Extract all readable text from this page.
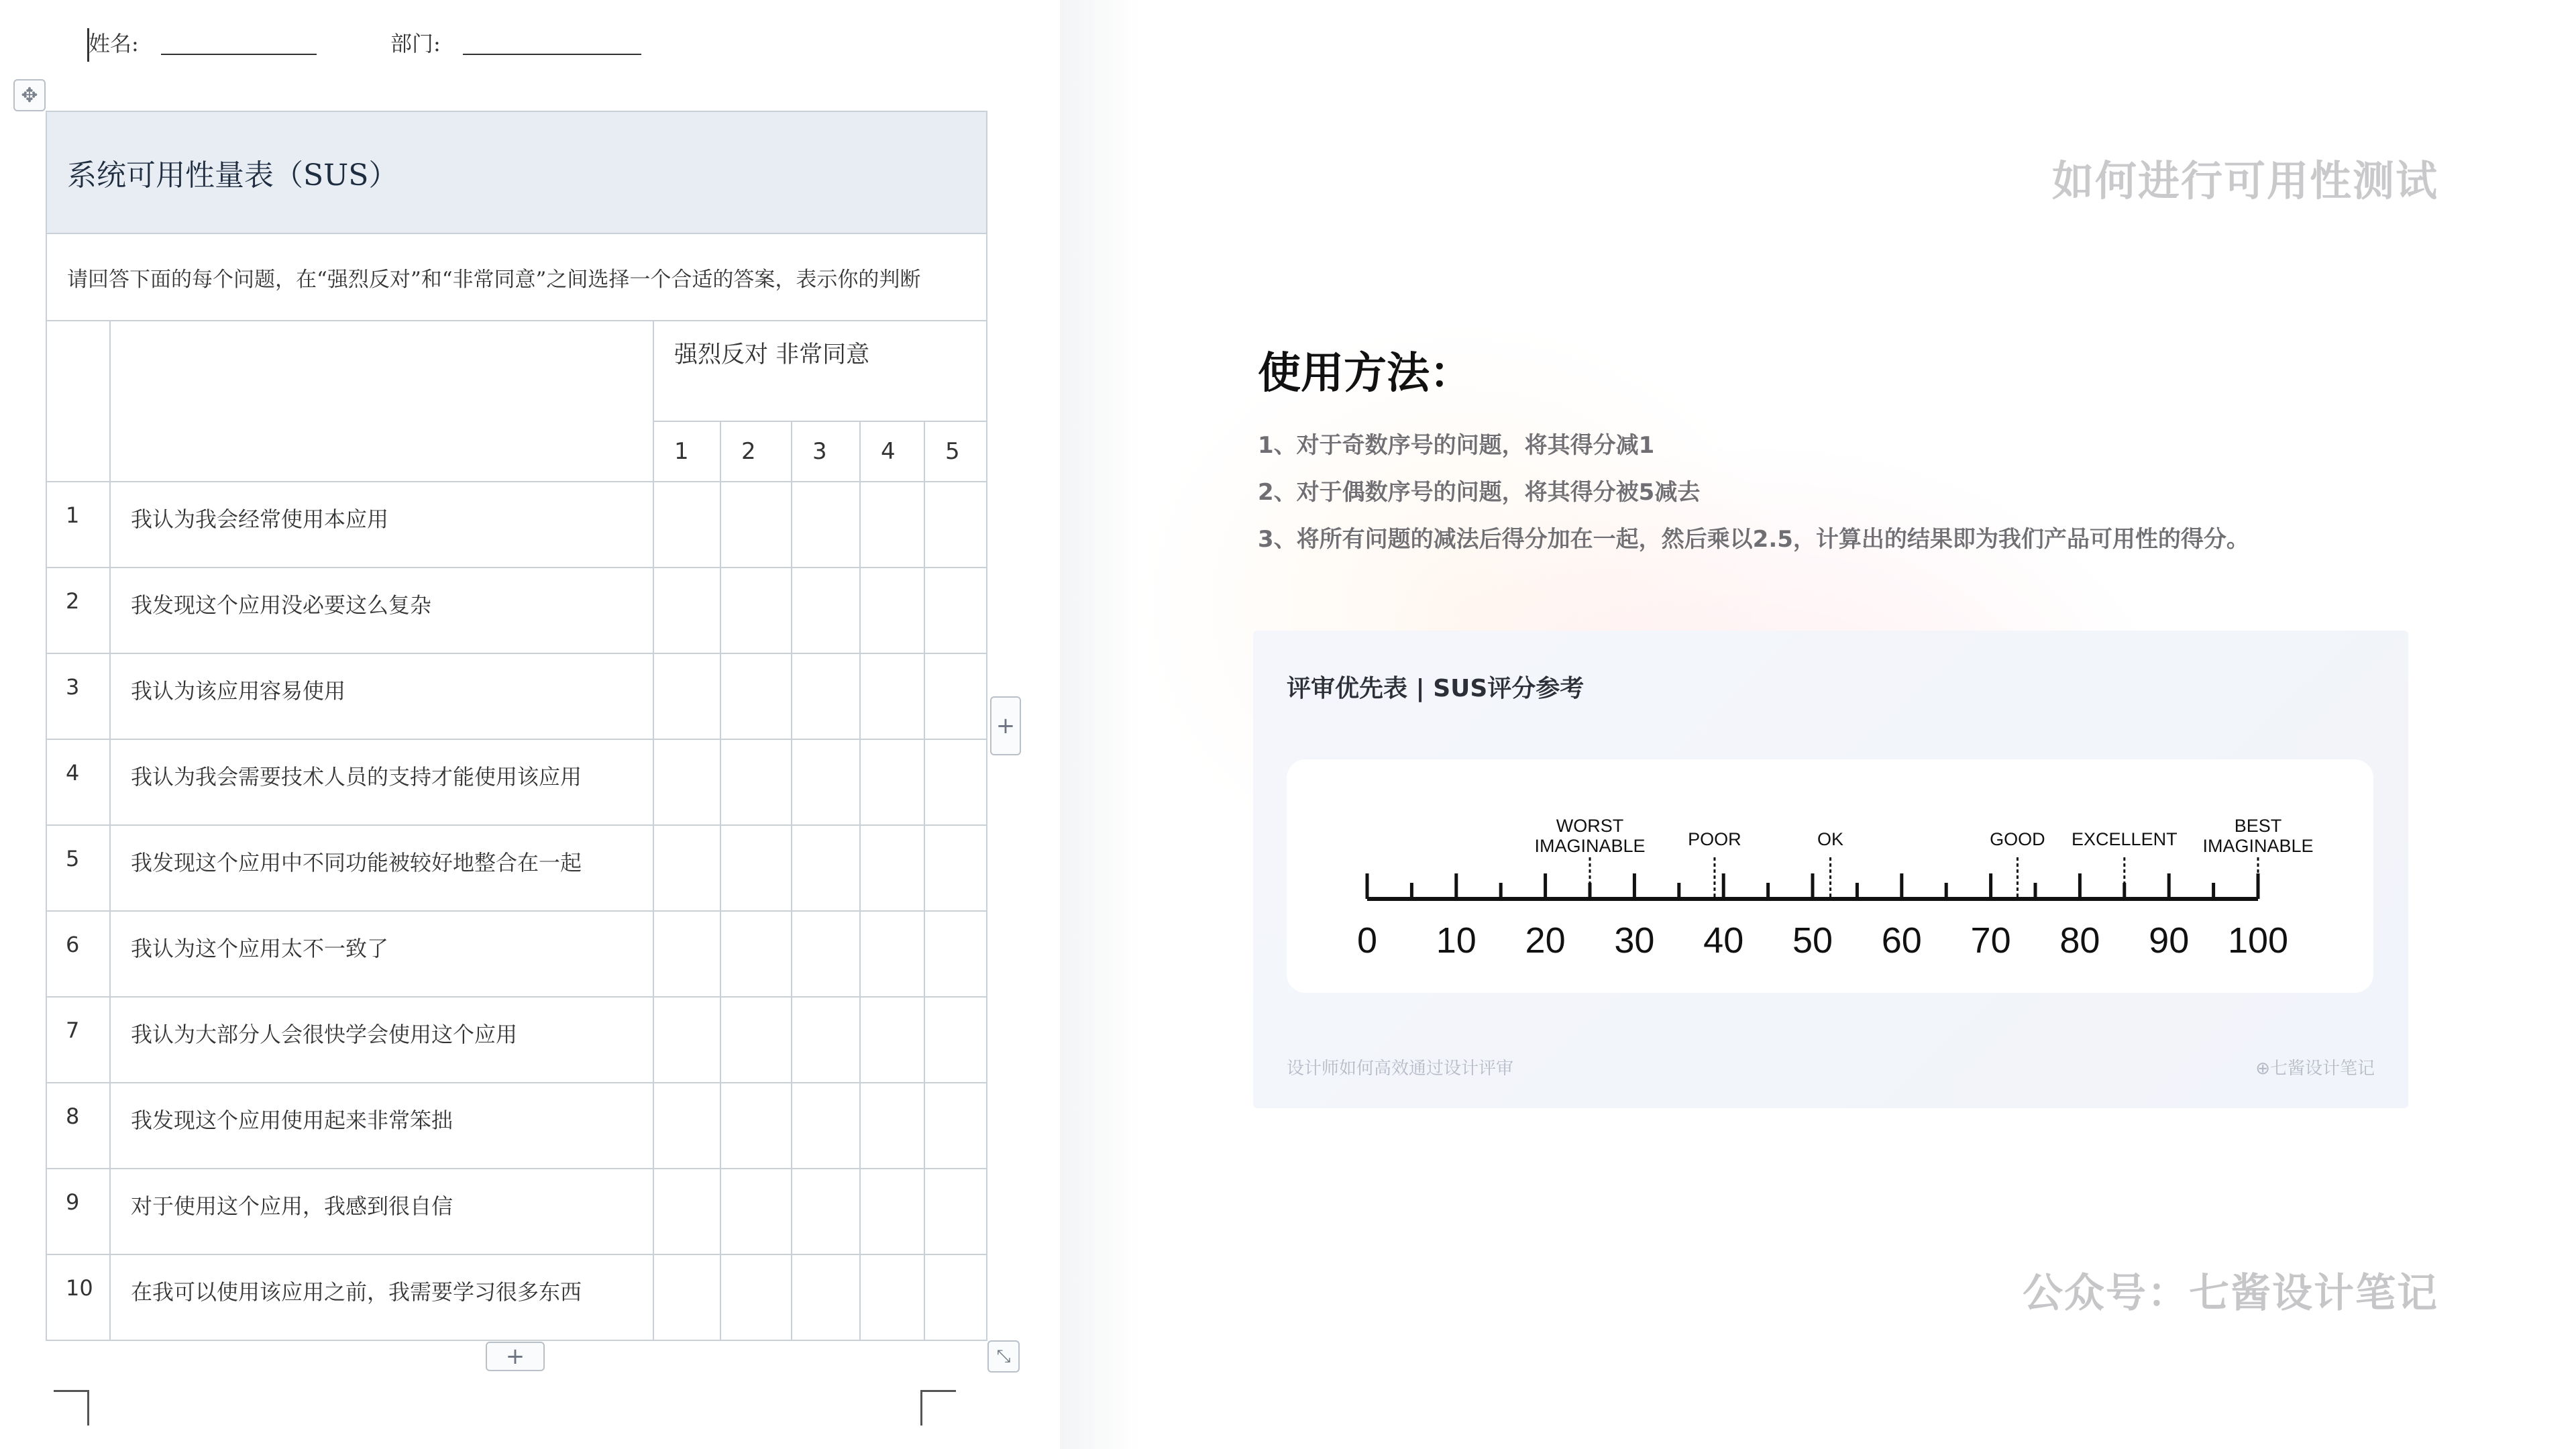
姓名:	部门:
✥
系统可用性量表（SUS）						
请回答下面的每个问题，在“强烈反对”和“非常同意”之间选择一个合适的答案，表示你的判断						
		强烈反对 非常同意				
		1	2	3	4	5
1	我认为我会经常使用本应用					
2	我发现这个应用没必要这么复杂					
3	我认为该应用容易使用					
4	我认为我会需要技术人员的支持才能使用该应用					
5	我发现这个应用中不同功能被较好地整合在一起					
6	我认为这个应用太不一致了					
7	我认为大部分人会很快学会使用这个应用					
8	我发现这个应用使用起来非常笨拙					
9	对于使用这个应用，我感到很自信					
10	在我可以使用该应用之前，我需要学习很多东西					
+
+	⤡
如何进行可用性测试
使用方法：
1、对于奇数序号的问题，将其得分减1
2、对于偶数序号的问题，将其得分被5减去
3、将所有问题的减法后得分加在一起，然后乘以2.5，计算出的结果即为我们产品可用性的得分。
评审优先表 | SUS评分参考
0 10 20 30 40 50 60 70 80 90 100
WORST
IMAGINABLE POOR	OK	GOOD EXCELLENT
BEST
IMAGINABLE
设计师如何高效通过设计评审	⊕七酱设计笔记
公众号：七酱设计笔记
